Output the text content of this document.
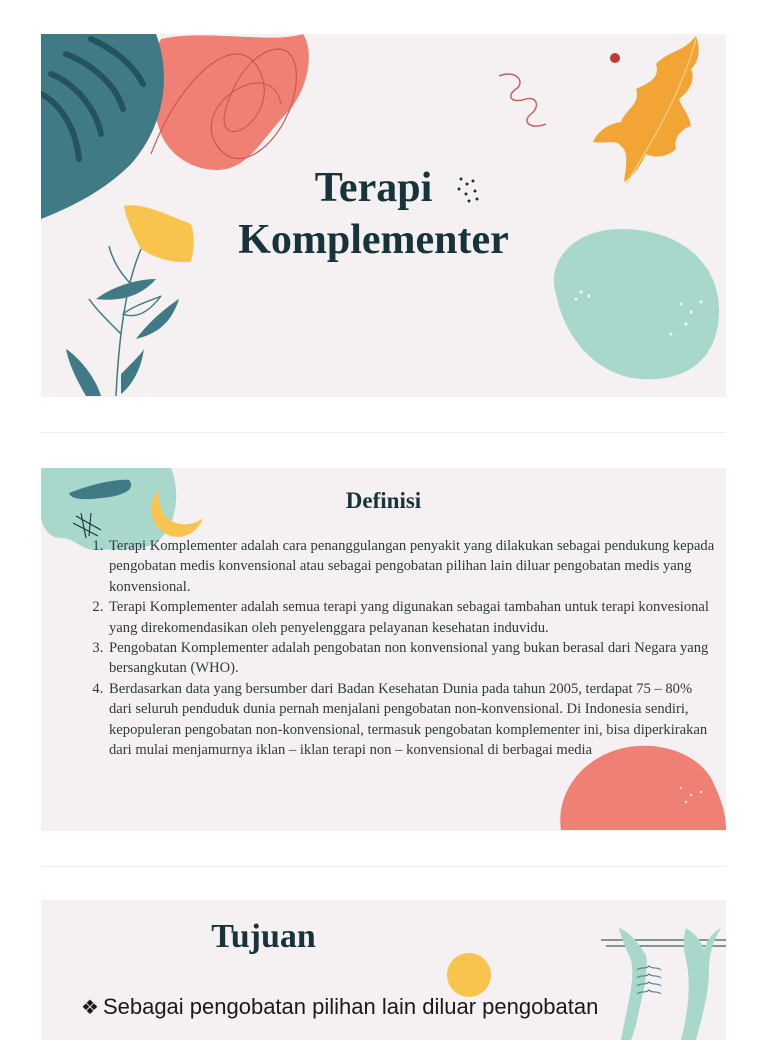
Terapi
Komplementer
Definisi
1. Terapi Komplementer adalah cara penanggulangan penyakit yang dilakukan sebagai pendukung kepada pengobatan medis konvensional atau sebagai pengobatan pilihan lain diluar pengobatan medis yang konvensional.
2. Terapi Komplementer adalah semua terapi yang digunakan sebagai tambahan untuk terapi konvesional yang direkomendasikan oleh penyelenggara pelayanan kesehatan induvidu.
3. Pengobatan Komplementer adalah pengobatan non konvensional yang bukan berasal dari Negara yang bersangkutan (WHO).
4. Berdasarkan data yang bersumber dari Badan Kesehatan Dunia pada tahun 2005, terdapat 75 – 80% dari seluruh penduduk dunia pernah menjalani pengobatan non-konvensional. Di Indonesia sendiri, kepopuleran pengobatan non-konvensional, termasuk pengobatan komplementer ini, bisa diperkirakan dari mulai menjamurnya iklan – iklan terapi non – konvensional di berbagai media
Tujuan
❖ Sebagai pengobatan pilihan lain diluar pengobatan
